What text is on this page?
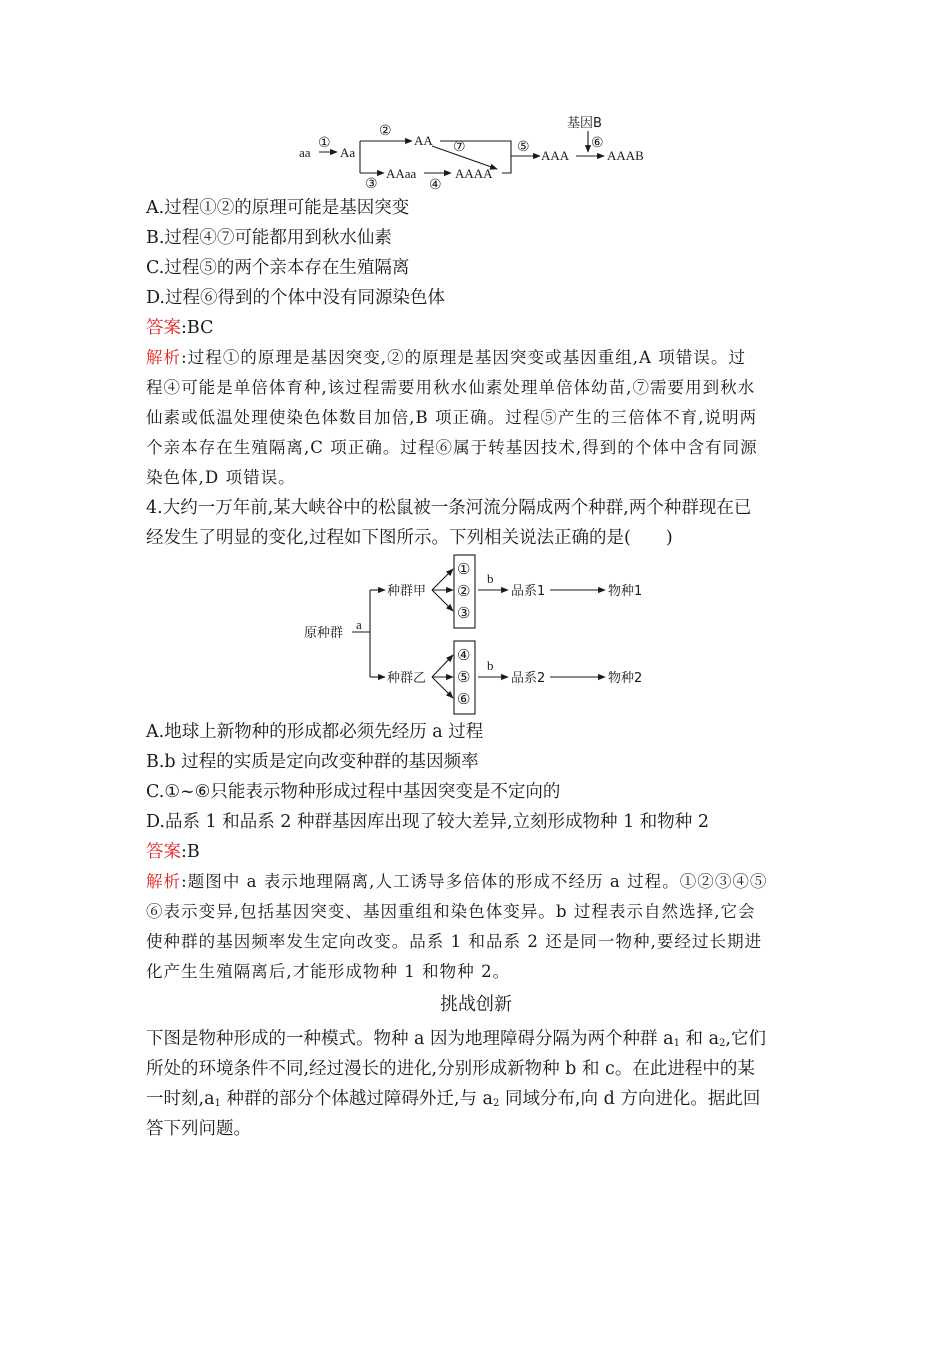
基因B
aa Aa
AA
AAaa	AAAA
AAA	AAAB
①
②
③	④
⑤	⑥
⑦
A.过程①②的原理可能是基因突变
B.过程④⑦可能都用到秋水仙素
C.过程⑤的两个亲本存在生殖隔离
D.过程⑥得到的个体中没有同源染色体
答案:BC
解析:过程①的原理是基因突变,②的原理是基因突变或基因重组,A 项错误。过
程④可能是单倍体育种,该过程需要用秋水仙素处理单倍体幼苗,⑦需要用到秋水
仙素或低温处理使染色体数目加倍,B 项正确。过程⑤产生的三倍体不育,说明两
个亲本存在生殖隔离,C 项正确。过程⑥属于转基因技术,得到的个体中含有同源
染色体,D 项错误。
4.大约一万年前,某大峡谷中的松鼠被一条河流分隔成两个种群,两个种群现在已
经发生了明显的变化,过程如下图所示。下列相关说法正确的是(　　)
原种群
a
种群甲
种群乙
b
b
品系1
品系2
物种1
物种2
①
②
③
④
⑤
⑥
A.地球上新物种的形成都必须先经历 a 过程
B.b 过程的实质是定向改变种群的基因频率
C.①~⑥只能表示物种形成过程中基因突变是不定向的
D.品系 1 和品系 2 种群基因库出现了较大差异,立刻形成物种 1 和物种 2
答案:B
解析:题图中 a 表示地理隔离,人工诱导多倍体的形成不经历 a 过程。①②③④⑤
⑥表示变异,包括基因突变、基因重组和染色体变异。b 过程表示自然选择,它会
使种群的基因频率发生定向改变。品系 1 和品系 2 还是同一物种,要经过长期进
化产生生殖隔离后,才能形成物种 1 和物种 2。
挑战创新
下图是物种形成的一种模式。物种 a 因为地理障碍分隔为两个种群 $a_1$ 和 $a_2$,它们
所处的环境条件不同,经过漫长的进化,分别形成新物种 b 和 c。在此进程中的某
一时刻$,a_1$ 种群的部分个体越过障碍外迁,与 $a_2$ 同域分布,向 d 方向进化。据此回
答下列问题。
